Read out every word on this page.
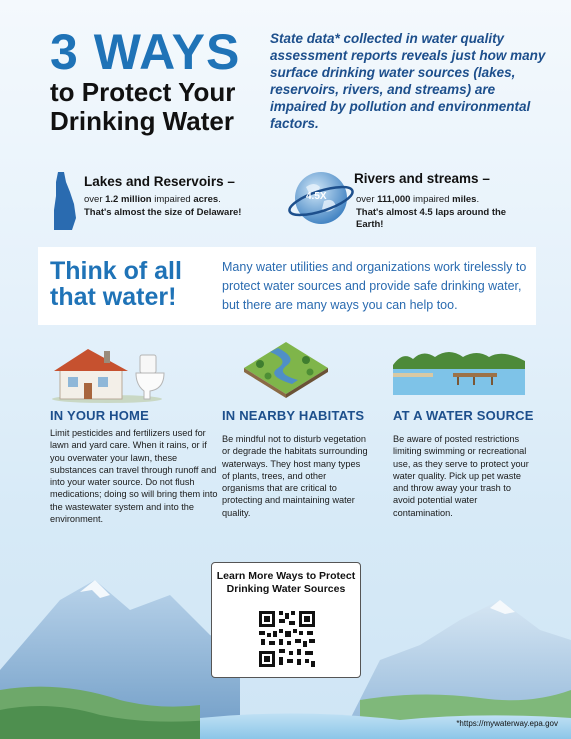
3 WAYS
to Protect Your
Drinking Water
State data* collected in water quality assessment reports reveals just how many surface drinking water sources (lakes, reservoirs, rivers, and streams) are impaired by pollution and environmental factors.
Lakes and Reservoirs –
over 1.2 million impaired acres.
That's almost the size of Delaware!
4.5X
Rivers and streams –
over 111,000 impaired miles.
That's almost 4.5 laps around the
Earth!
Think of all
that water!
Many water utilities and organizations work tirelessly to protect water sources and provide safe drinking water, but there are many ways you can help too.
IN YOUR HOME
Limit pesticides and fertilizers used for lawn and yard care. When it rains, or if you overwater your lawn, these substances can travel through runoff and into your water source. Do not flush medications; doing so will bring them into the wastewater system and into the environment.
IN NEARBY HABITATS
Be mindful not to disturb vegetation or degrade the habitats surrounding waterways. They host many types of plants, trees, and other organisms that are critical to protecting and maintaining water quality.
AT A WATER SOURCE
Be aware of posted restrictions limiting swimming or recreational use, as they serve to protect your water quality. Pick up pet waste and throw away your trash to avoid potential water contamination.
Learn More Ways to Protect Drinking Water Sources
*https://mywaterway.epa.gov
